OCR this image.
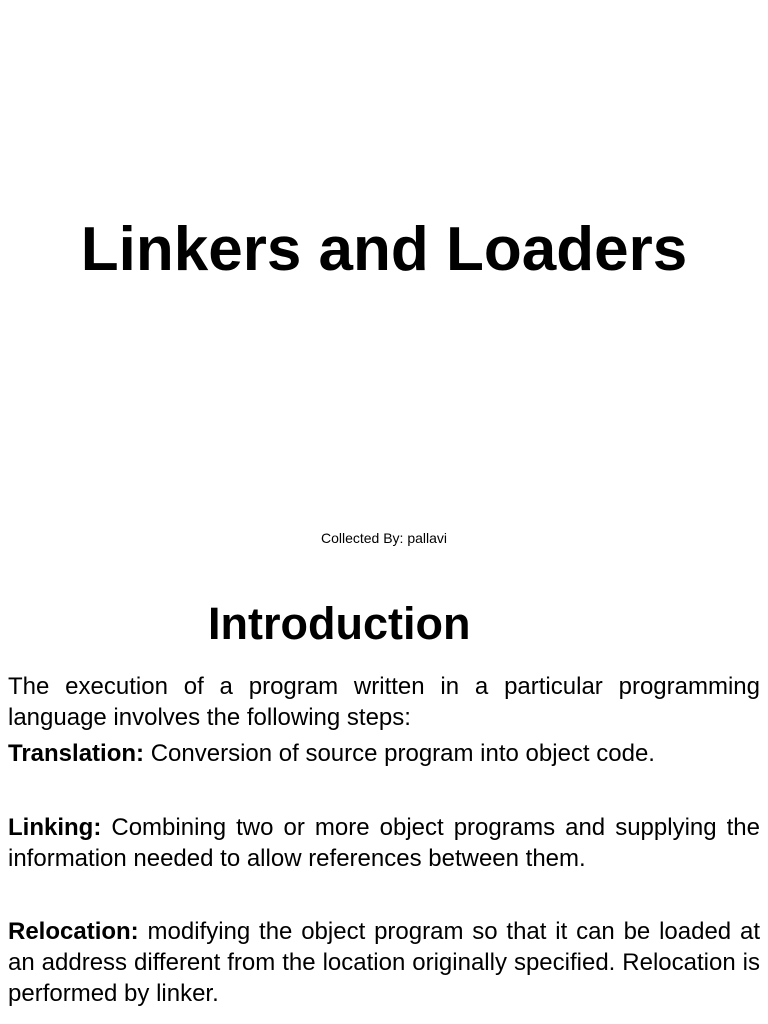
Linkers and Loaders
Collected By: pallavi
Introduction

The execution of a program written in a particular programming language involves the following steps:

Translation: Conversion of source program into object code.

Linking: Combining two or more object programs and supplying the information needed to allow references between them.

Relocation: modifying the object program so that it can be loaded at an address different from the location originally specified. Relocation is performed by linker.
